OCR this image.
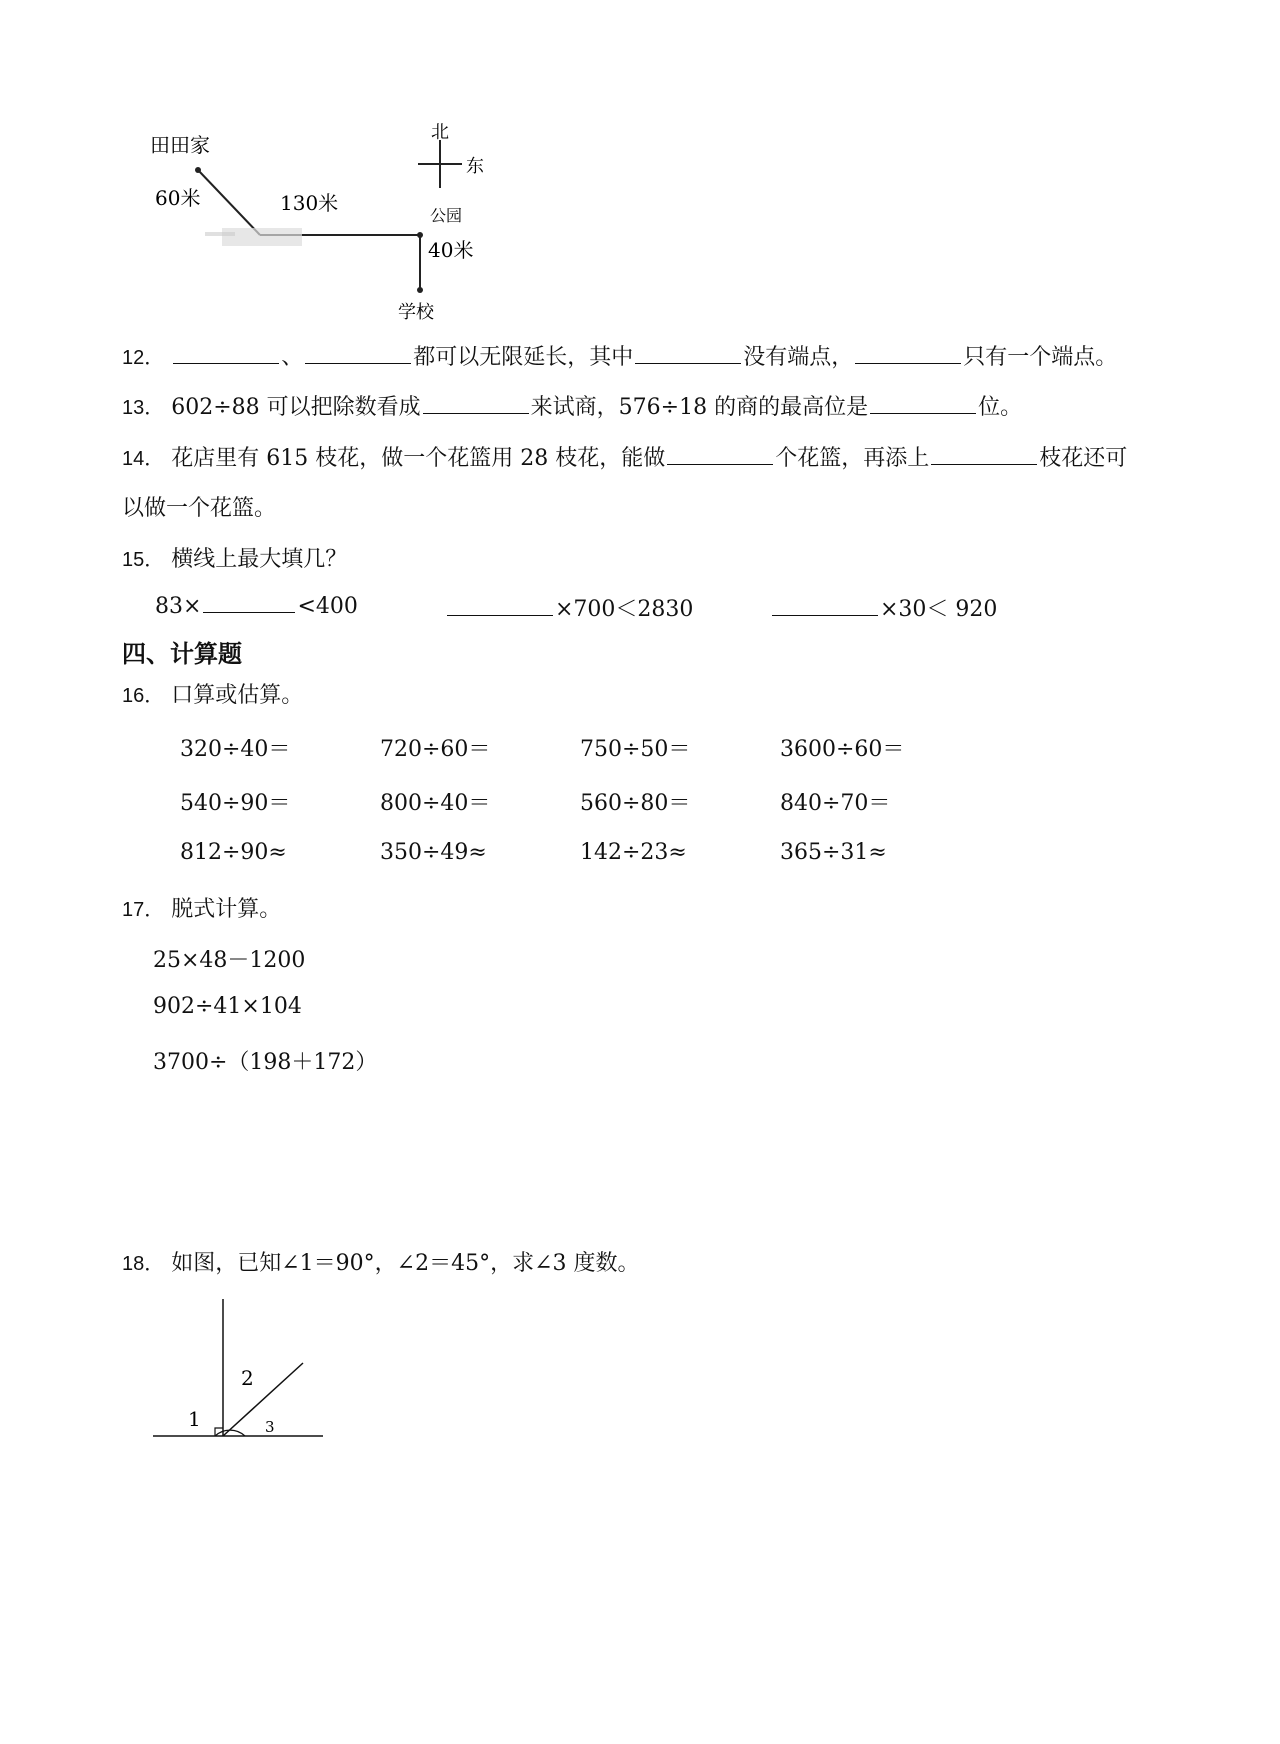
田田家
60米	130米
公园
40米
学校
北
东
12．	、	都可以无限延长，其中	没有端点，	只有一个端点。
13． 602÷88 可以把除数看成	来试商，576÷18 的商的最高位是	位。
14． 花店里有 615 枝花，做一个花篮用 28 枝花，能做	个花篮，再添上	枝花还可
以做一个花篮。
15． 横线上最大填几？
83×	<400	×700＜2830	×30＜ 920
四、计算题
16． 口算或估算。
320÷40＝	720÷60＝	750÷50＝	3600÷60＝
540÷90＝	800÷40＝	560÷80＝	840÷70＝
812÷90≈	350÷49≈	142÷23≈	365÷31≈
17． 脱式计算。
25×48－1200
902÷41×104
3700÷（198＋172）
18． 如图，已知∠1＝90°，∠2＝45°，求∠3 度数。
1
2
3
